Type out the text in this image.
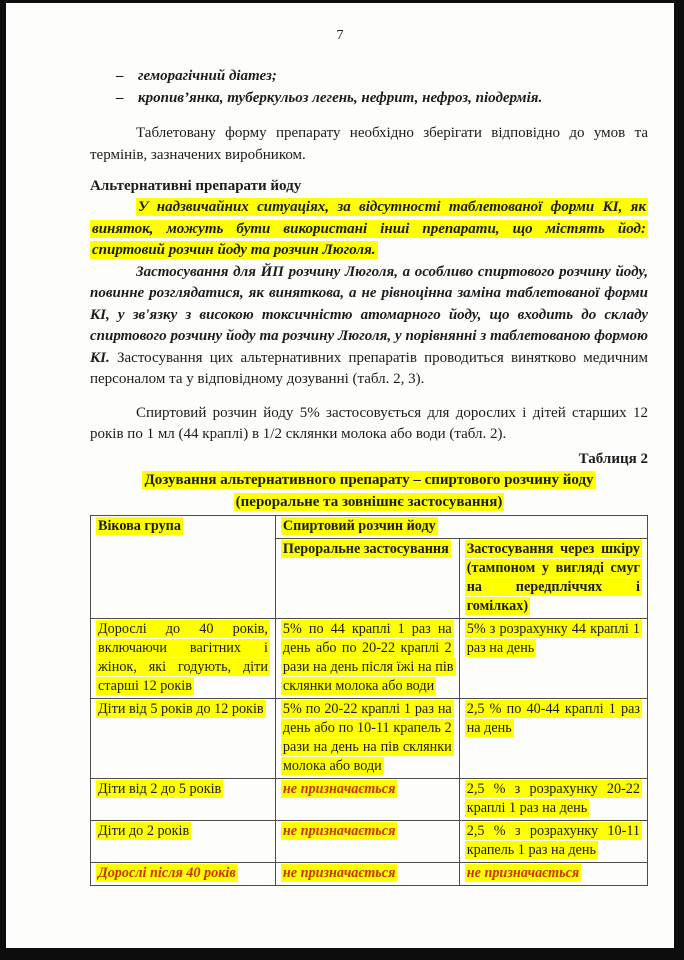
7
– геморагічний діатез;
– кропив’янка, туберкульоз легень, нефрит, нефроз, піодермія.

Таблетовану форму препарату необхідно зберігати відповідно до умов та термінів, зазначених виробником.

Альтернативні препарати йоду

У надзвичайних ситуаціях, за відсутності таблетованої форми КІ, як виняток, можуть бути використані інші препарати, що містять йод: спиртовий розчин йоду та розчин Люголя.

Застосування для ЙП розчину Люголя, а особливо спиртового розчину йоду, повинне розглядатися, як виняткова, а не рівноцінна заміна таблетованої форми КІ, у зв'язку з високою токсичністю атомарного йоду, що входить до складу спиртового розчину йоду та розчину Люголя, у порівнянні з таблетованою формою КІ. Застосування цих альтернативних препаратів проводиться винятково медичним персоналом та у відповідному дозуванні (табл. 2, 3).

Спиртовий розчин йоду 5% застосовується для дорослих і дітей старших 12 років по 1 мл (44 краплі) в 1/2 склянки молока або води (табл. 2).

Таблиця 2
Дозування альтернативного препарату – спиртового розчину йоду
(пероральне та зовнішнє застосування)
Вікова група	Спиртовий розчин йоду	
	Пероральне застосування	Застосування через шкіру (тампоном у вигляді смуг на передпліччях і гомілках)
Дорослі до 40 років, включаючи вагітних і жінок, які годують, діти старші 12 років	5% по 44 краплі 1 раз на день або по 20-22 краплі 2 рази на день після їжі на пів склянки молока або води	5% з розрахунку 44 краплі 1 раз на день
Діти від 5 років до 12 років	5% по 20-22 краплі 1 раз на день або по 10-11 крапель 2 рази на день на пів склянки молока або води	2,5 % по 40-44 краплі 1 раз на день
Діти від 2 до 5 років	не призначається	2,5 % з розрахунку 20-22 краплі 1 раз на день
Діти до 2 років	не призначається	2,5 % з розрахунку 10-11 крапель 1 раз на день
Дорослі після 40 років	не призначається	не призначається
